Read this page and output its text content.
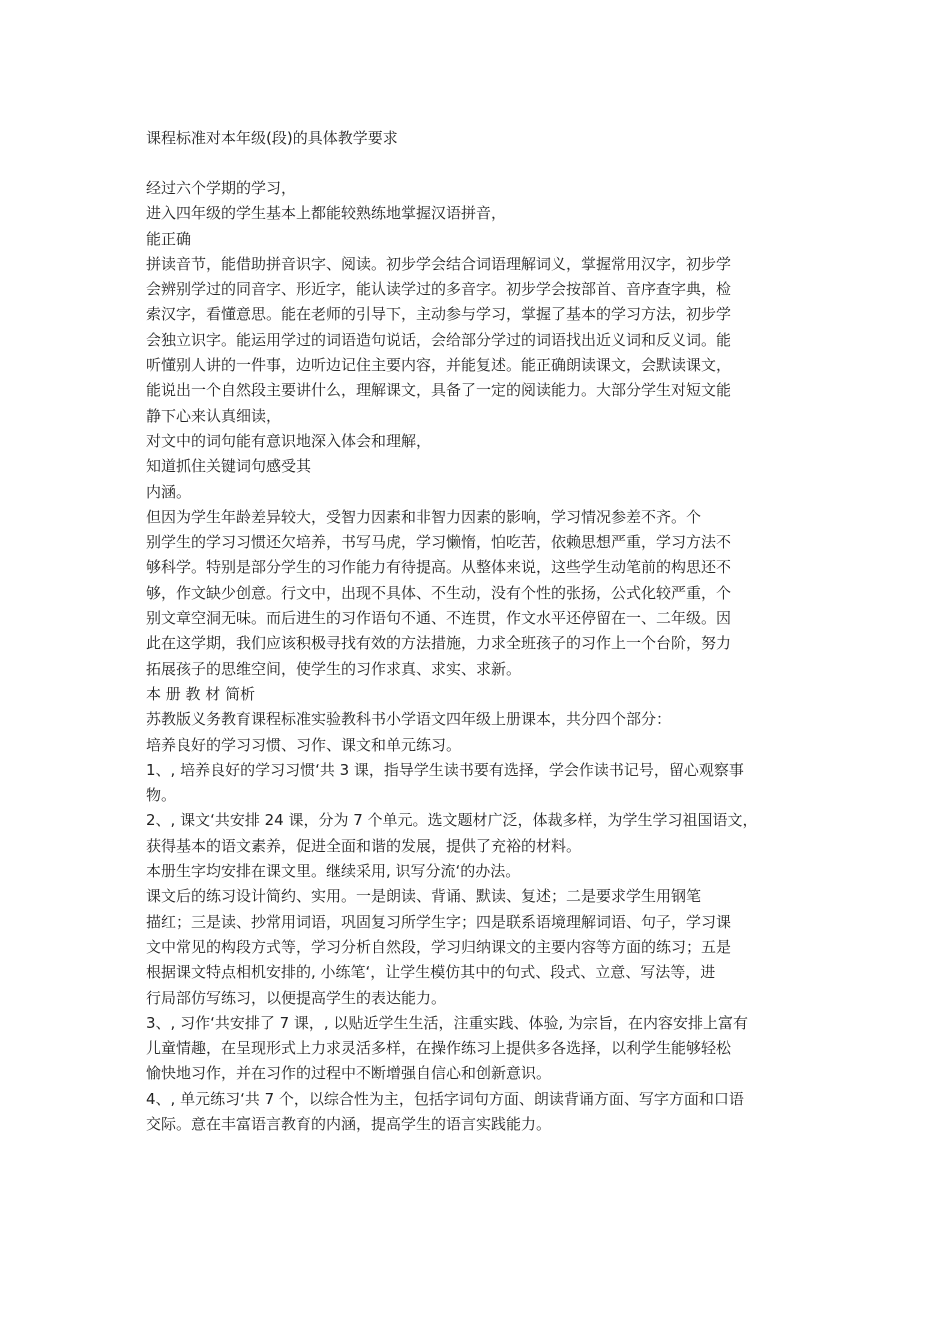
课程标准对本年级(段)的具体教学要求

经过六个学期的学习，

进入四年级的学生基本上都能较熟练地掌握汉语拼音，

能正确

拼读音节，能借助拼音识字、阅读。初步学会结合词语理解词义，掌握常用汉字，初步学

会辨别学过的同音字、形近字，能认读学过的多音字。初步学会按部首、音序查字典，检

索汉字，看懂意思。能在老师的引导下，主动参与学习，掌握了基本的学习方法，初步学

会独立识字。能运用学过的词语造句说话，会给部分学过的词语找出近义词和反义词。能

听懂别人讲的一件事，边听边记住主要内容，并能复述。能正确朗读课文，会默读课文，

能说出一个自然段主要讲什么，理解课文，具备了一定的阅读能力。大部分学生对短文能

静下心来认真细读，

对文中的词句能有意识地深入体会和理解，

知道抓住关键词句感受其

内涵。

但因为学生年龄差异较大，受智力因素和非智力因素的影响，学习情况参差不齐。个

别学生的学习习惯还欠培养，书写马虎，学习懒惰，怕吃苦，依赖思想严重，学习方法不

够科学。特别是部分学生的习作能力有待提高。从整体来说，这些学生动笔前的构思还不

够，作文缺少创意。行文中，出现不具体、不生动，没有个性的张扬，公式化较严重，个

别文章空洞无味。而后进生的习作语句不通、不连贯，作文水平还停留在一、二年级。因

此在这学期，我们应该积极寻找有效的方法措施，力求全班孩子的习作上一个台阶，努力

拓展孩子的思维空间，使学生的习作求真、求实、求新。

本 册 教 材 简析

苏教版义务教育课程标准实验教科书小学语文四年级上册课本，共分四个部分：

培养良好的学习习惯、习作、课文和单元练习。

1、, 培养良好的学习习惯‘共 3 课，指导学生读书要有选择，学会作读书记号，留心观察事

物。

2、, 课文‘共安排 24 课，分为 7 个单元。选文题材广泛，体裁多样，为学生学习祖国语文，

获得基本的语文素养，促进全面和谐的发展，提供了充裕的材料。

本册生字均安排在课文里。继续采用, 识写分流‘的办法。

课文后的练习设计简约、实用。一是朗读、背诵、默读、复述；二是要求学生用钢笔

描红；三是读、抄常用词语，巩固复习所学生字；四是联系语境理解词语、句子，学习课

文中常见的构段方式等，学习分析自然段，学习归纳课文的主要内容等方面的练习；五是

根据课文特点相机安排的, 小练笔‘，让学生模仿其中的句式、段式、立意、写法等，进

行局部仿写练习，以便提高学生的表达能力。

3、, 习作‘共安排了 7 课，, 以贴近学生生活，注重实践、体验, 为宗旨，在内容安排上富有

儿童情趣，在呈现形式上力求灵活多样，在操作练习上提供多各选择，以利学生能够轻松

愉快地习作，并在习作的过程中不断增强自信心和创新意识。

4、, 单元练习‘共 7 个，以综合性为主，包括字词句方面、朗读背诵方面、写字方面和口语

交际。意在丰富语言教育的内涵，提高学生的语言实践能力。
